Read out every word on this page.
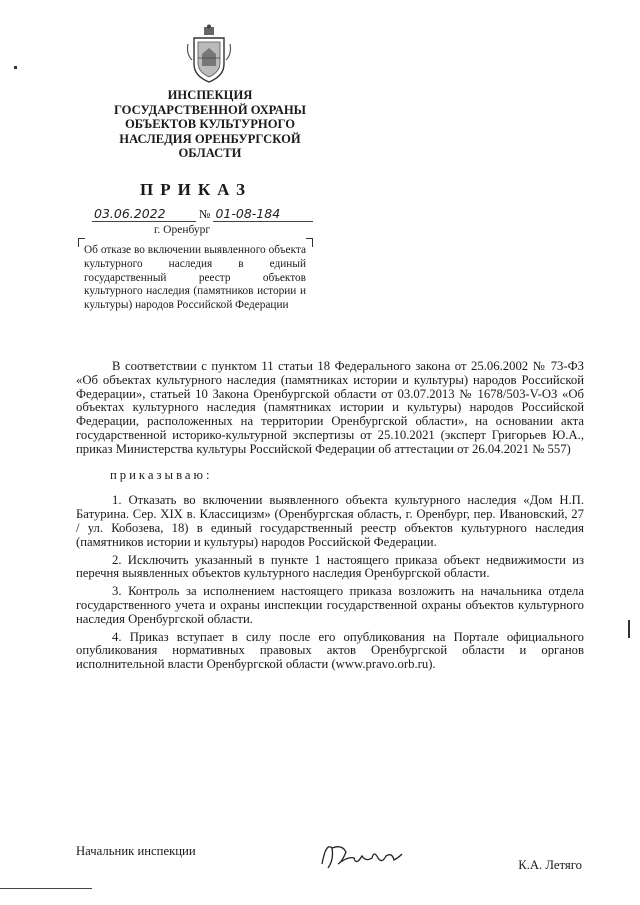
ИНСПЕКЦИЯ
ГОСУДАРСТВЕННОЙ ОХРАНЫ
ОБЪЕКТОВ КУЛЬТУРНОГО
НАСЛЕДИЯ ОРЕНБУРГСКОЙ
ОБЛАСТИ
ПРИКАЗ
03.06.2022	№ 01-08-184
г. Оренбург
Об отказе во включении выявленного объекта культурного наследия в единый государственный реестр объектов культурного наследия (памятников истории и культуры) народов Российской Федерации

В соответствии с пунктом 11 статьи 18 Федерального закона от 25.06.2002 № 73-ФЗ «Об объектах культурного наследия (памятниках истории и культуры) народов Российской Федерации», статьей 10 Закона Оренбургской области от 03.07.2013 № 1678/503-V-ОЗ «Об объектах культурного наследия (памятниках истории и культуры) народов Российской Федерации, расположенных на территории Оренбургской области», на основании акта государственной историко-культурной экспертизы от 25.10.2021 (эксперт Григорьев Ю.А., приказ Министерства культуры Российской Федерации об аттестации от 26.04.2021 № 557)

приказываю:

1. Отказать во включении выявленного объекта культурного наследия «Дом Н.П. Батурина. Сер. XIX в. Классицизм» (Оренбургская область, г. Оренбург, пер. Ивановский, 27 / ул. Кобозева, 18) в единый государственный реестр объектов культурного наследия (памятников истории и культуры) народов Российской Федерации.

2. Исключить указанный в пункте 1 настоящего приказа объект недвижимости из перечня выявленных объектов культурного наследия Оренбургской области.

3. Контроль за исполнением настоящего приказа возложить на начальника отдела государственного учета и охраны инспекции государственной охраны объектов культурного наследия Оренбургской области.

4. Приказ вступает в силу после его опубликования на Портале официального опубликования нормативных правовых актов Оренбургской области и органов исполнительной власти Оренбургской области (www.pravo.orb.ru).

Начальник инспекции
К.А. Летяго
